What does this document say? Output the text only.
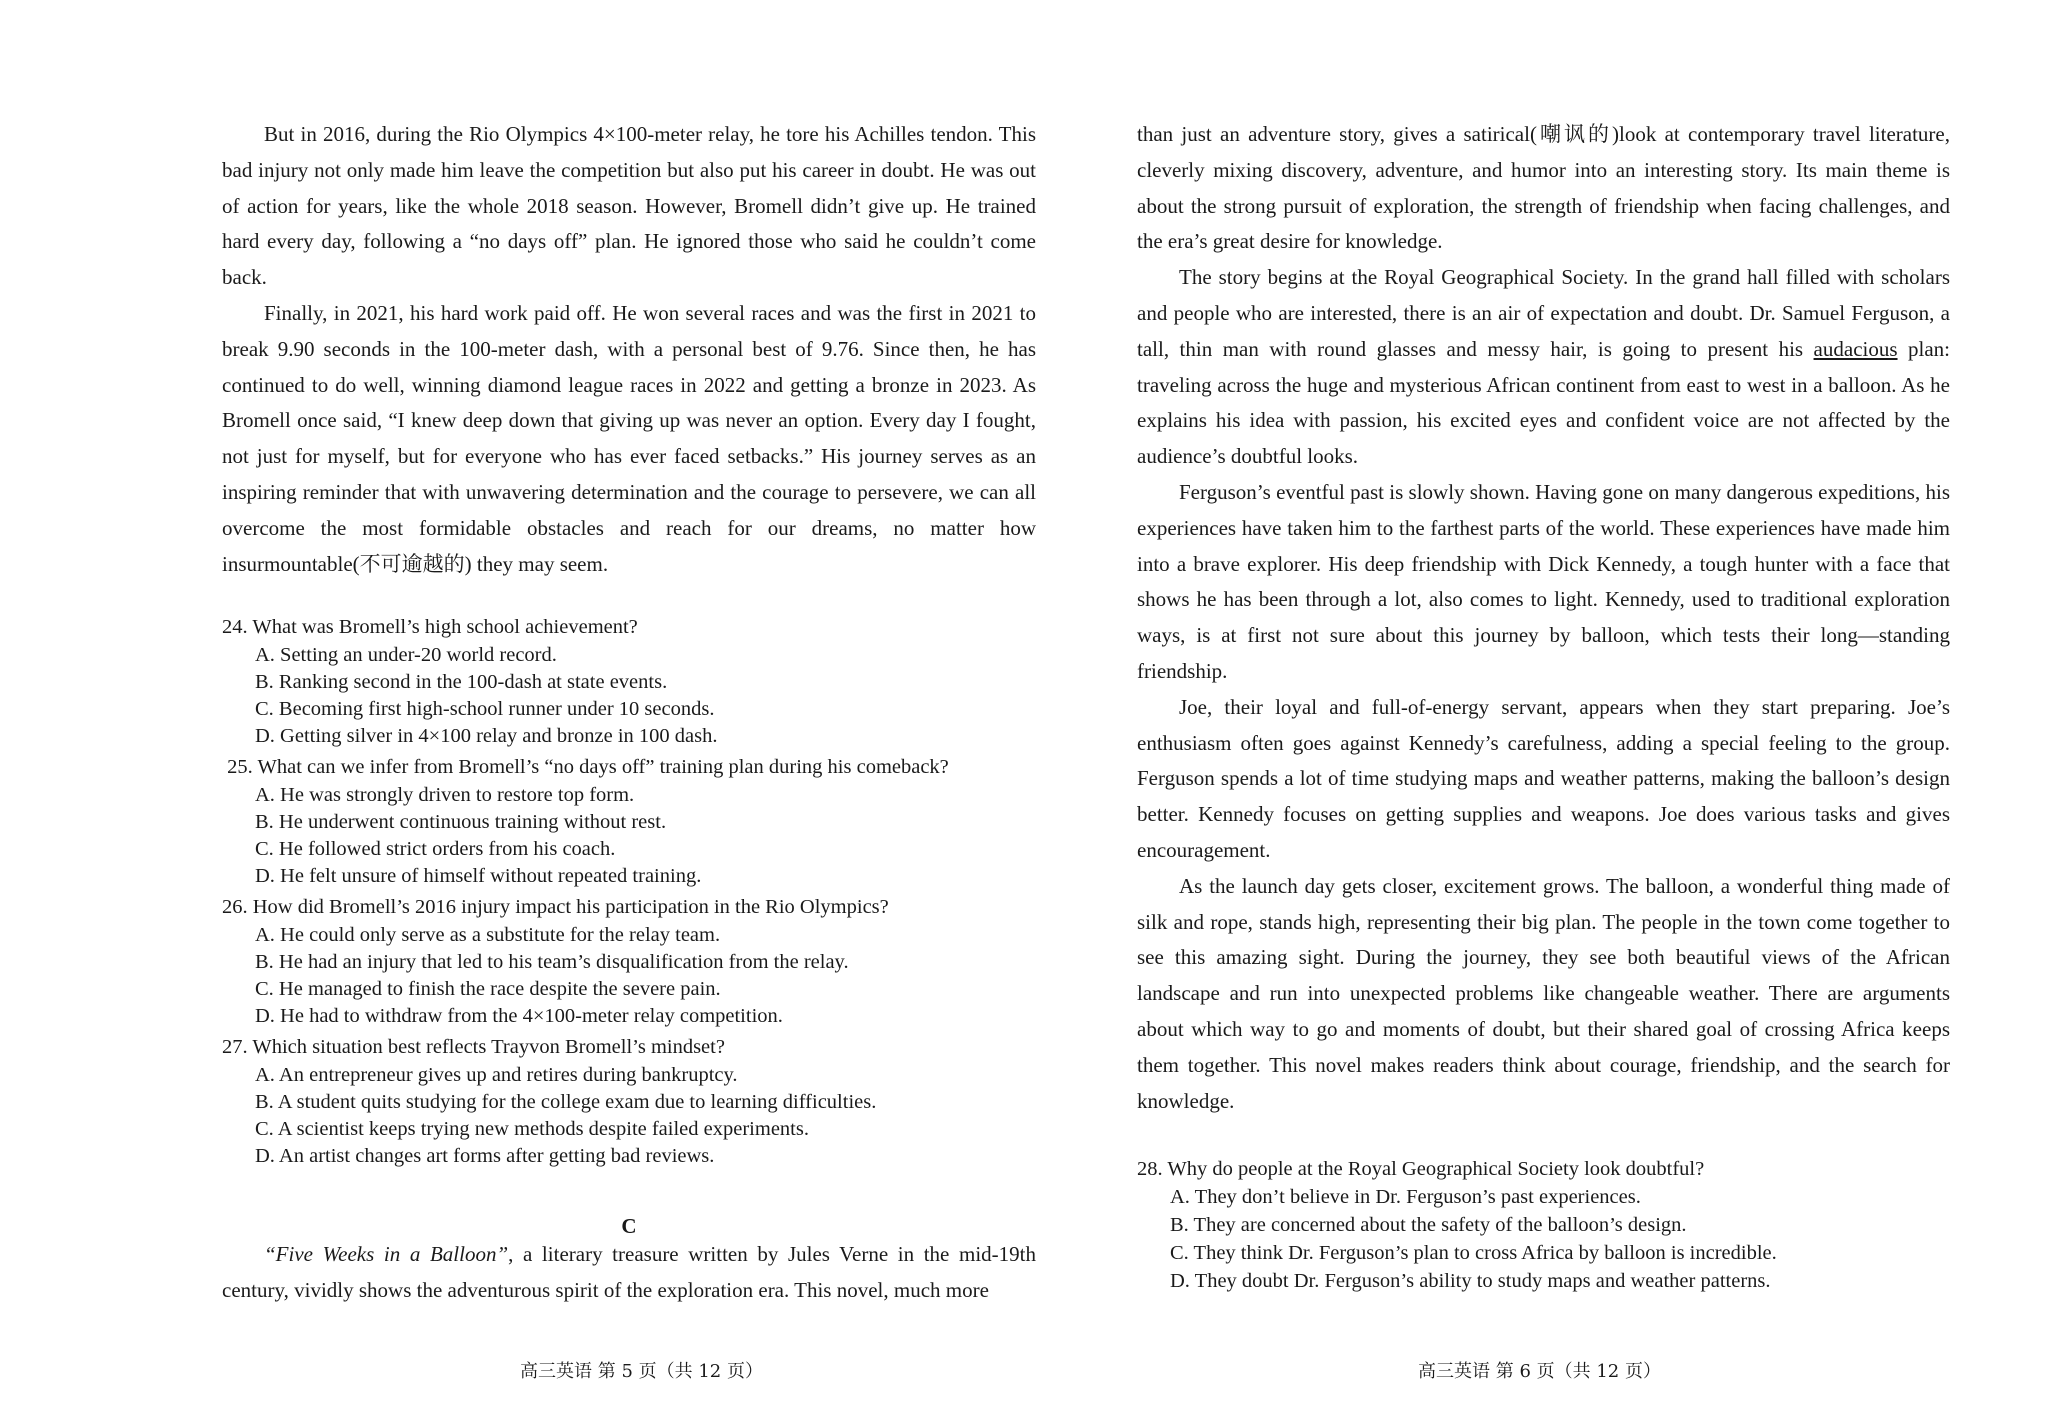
But in 2016, during the Rio Olympics 4×100-meter relay, he tore his Achilles tendon. This bad injury not only made him leave the competition but also put his career in doubt. He was out of action for years, like the whole 2018 season. However, Bromell didn’t give up. He trained hard every day, following a “no days off” plan. He ignored those who said he couldn’t come back.

Finally, in 2021, his hard work paid off. He won several races and was the first in 2021 to break 9.90 seconds in the 100-meter dash, with a personal best of 9.76. Since then, he has continued to do well, winning diamond league races in 2022 and getting a bronze in 2023. As Bromell once said, “I knew deep down that giving up was never an option. Every day I fought, not just for myself, but for everyone who has ever faced setbacks.” His journey serves as an inspiring reminder that with unwavering determination and the courage to persevere, we can all overcome the most formidable obstacles and reach for our dreams, no matter how insurmountable(不可逾越的) they may seem.

24. What was Bromell’s high school achievement?

A. Setting an under-20 world record.

B. Ranking second in the 100-dash at state events.

C. Becoming first high-school runner under 10 seconds.

D. Getting silver in 4×100 relay and bronze in 100 dash.

25. What can we infer from Bromell’s “no days off” training plan during his comeback?

A. He was strongly driven to restore top form.

B. He underwent continuous training without rest.

C. He followed strict orders from his coach.

D. He felt unsure of himself without repeated training.

26. How did Bromell’s 2016 injury impact his participation in the Rio Olympics?

A. He could only serve as a substitute for the relay team.

B. He had an injury that led to his team’s disqualification from the relay.

C. He managed to finish the race despite the severe pain.

D. He had to withdraw from the 4×100-meter relay competition.

27. Which situation best reflects Trayvon Bromell’s mindset?

A. An entrepreneur gives up and retires during bankruptcy.

B. A student quits studying for the college exam due to learning difficulties.

C. A scientist keeps trying new methods despite failed experiments.

D. An artist changes art forms after getting bad reviews.

C

“Five Weeks in a Balloon”, a literary treasure written by Jules Verne in the mid-19th century, vividly shows the adventurous spirit of the exploration era. This novel, much more

than just an adventure story, gives a satirical(嘲讽的)look at contemporary travel literature, cleverly mixing discovery, adventure, and humor into an interesting story. Its main theme is about the strong pursuit of exploration, the strength of friendship when facing challenges, and the era’s great desire for knowledge.

The story begins at the Royal Geographical Society. In the grand hall filled with scholars and people who are interested, there is an air of expectation and doubt. Dr. Samuel Ferguson, a tall, thin man with round glasses and messy hair, is going to present his audacious plan: traveling across the huge and mysterious African continent from east to west in a balloon. As he explains his idea with passion, his excited eyes and confident voice are not affected by the audience’s doubtful looks.

Ferguson’s eventful past is slowly shown. Having gone on many dangerous expeditions, his experiences have taken him to the farthest parts of the world. These experiences have made him into a brave explorer. His deep friendship with Dick Kennedy, a tough hunter with a face that shows he has been through a lot, also comes to light. Kennedy, used to traditional exploration ways, is at first not sure about this journey by balloon, which tests their long—standing friendship.

Joe, their loyal and full-of-energy servant, appears when they start preparing. Joe’s enthusiasm often goes against Kennedy’s carefulness, adding a special feeling to the group. Ferguson spends a lot of time studying maps and weather patterns, making the balloon’s design better. Kennedy focuses on getting supplies and weapons. Joe does various tasks and gives encouragement.

As the launch day gets closer, excitement grows. The balloon, a wonderful thing made of silk and rope, stands high, representing their big plan. The people in the town come together to see this amazing sight. During the journey, they see both beautiful views of the African landscape and run into unexpected problems like changeable weather. There are arguments about which way to go and moments of doubt, but their shared goal of crossing Africa keeps them together. This novel makes readers think about courage, friendship, and the search for knowledge.

28. Why do people at the Royal Geographical Society look doubtful?

A. They don’t believe in Dr. Ferguson’s past experiences.

B. They are concerned about the safety of the balloon’s design.

C. They think Dr. Ferguson’s plan to cross Africa by balloon is incredible.

D. They doubt Dr. Ferguson’s ability to study maps and weather patterns.

高三英语 第 5 页（共 12 页）	高三英语 第 6 页（共 12 页）
